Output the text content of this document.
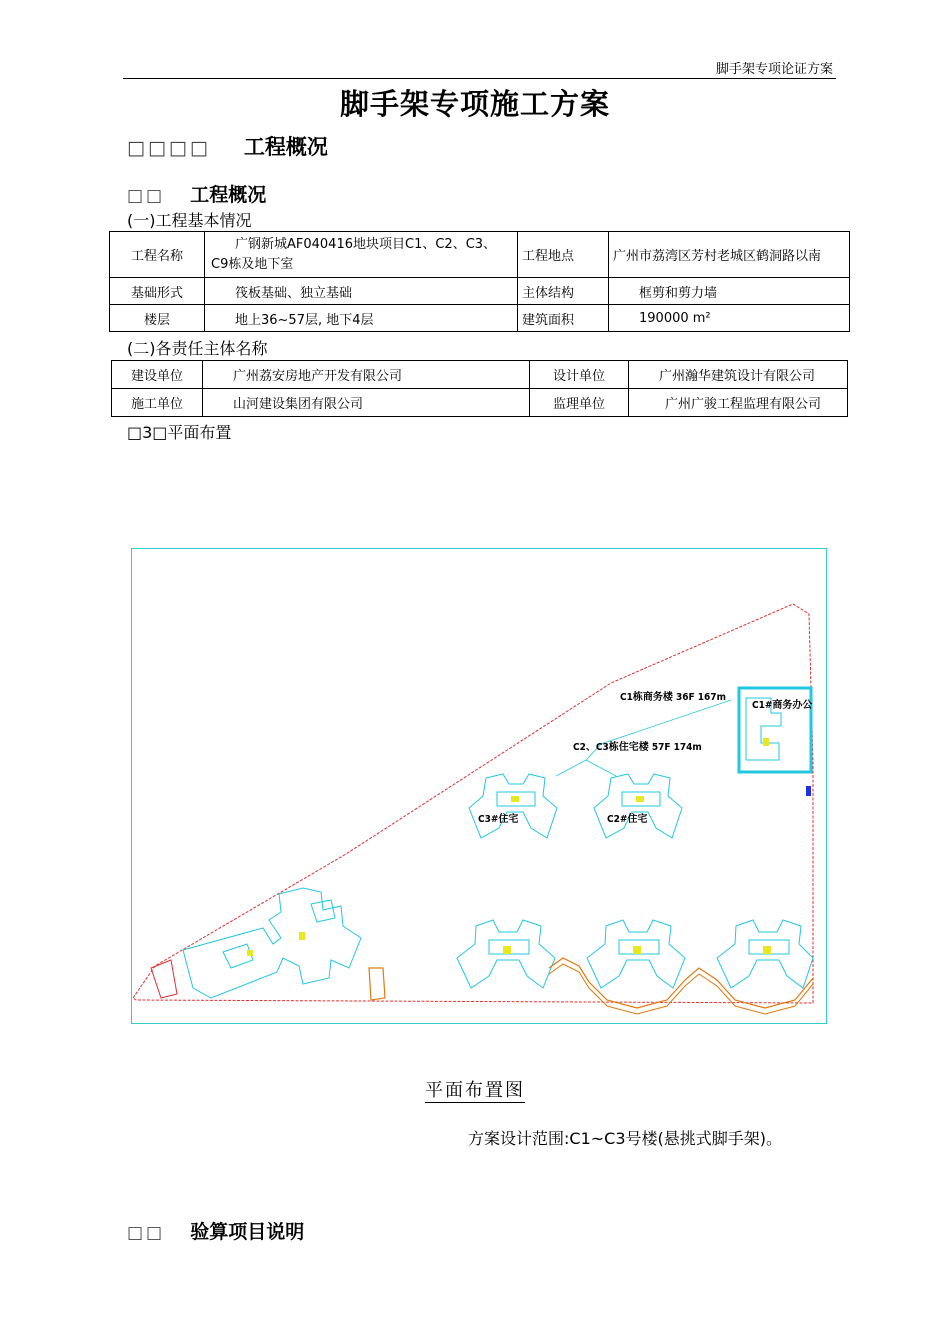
脚手架专项论证方案
脚手架专项施工方案
□□□□ 工程概况
□□ 工程概况
(一)工程基本情况
工程名称	广钢新城AF040416地块项目C1、C2、C3、C9栋及地下室	工程地点	广州市荔湾区芳村老城区鹤洞路以南
基础形式	筏板基础、独立基础	主体结构	框剪和剪力墙
楼层	地上36~57层, 地下4层	建筑面积	190000 m²
(二)各责任主体名称
建设单位	广州荔安房地产开发有限公司	设计单位	广州瀚华建筑设计有限公司
施工单位	山河建设集团有限公司	监理单位	广州广骏工程监理有限公司
□3□平面布置
C1栋商务楼 36F 167m
C1#商务办公
C2、C3栋住宅楼 57F 174m
C3#住宅	C2#住宅
平面布置图
方案设计范围:C1~C3号楼(悬挑式脚手架)。
□□ 验算项目说明
